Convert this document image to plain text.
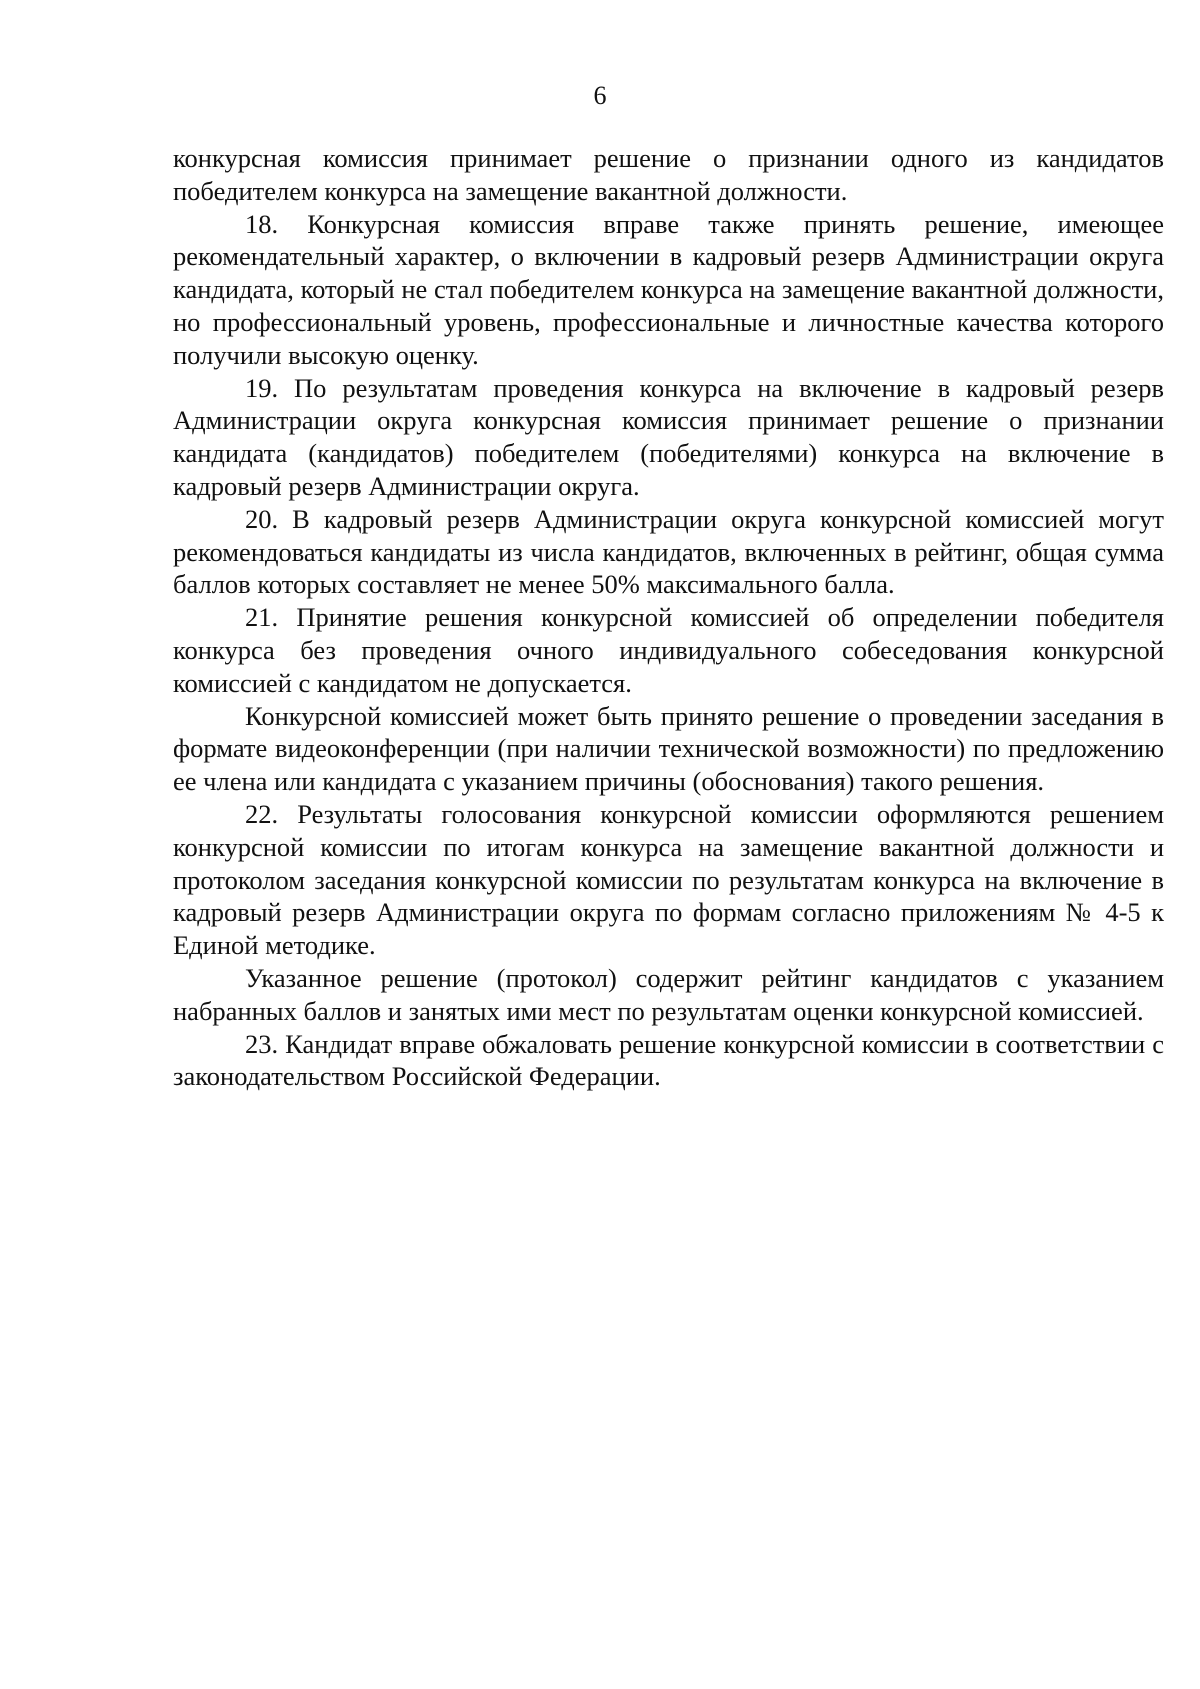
6

конкурсная комиссия принимает решение о признании одного из кандидатов победителем конкурса на замещение вакантной должности.

18. Конкурсная комиссия вправе также принять решение, имеющее рекомендательный характер, о включении в кадровый резерв Администрации округа кандидата, который не стал победителем конкурса на замещение вакантной должности, но профессиональный уровень, профессиональные и личностные качества которого получили высокую оценку.

19. По результатам проведения конкурса на включение в кадровый резерв Администрации округа конкурсная комиссия принимает решение о признании кандидата (кандидатов) победителем (победителями) конкурса на включение в кадровый резерв Администрации округа.

20. В кадровый резерв Администрации округа конкурсной комиссией могут рекомендоваться кандидаты из числа кандидатов, включенных в рейтинг, общая сумма баллов которых составляет не менее 50% максимального балла.

21. Принятие решения конкурсной комиссией об определении победителя конкурса без проведения очного индивидуального собеседования конкурсной комиссией с кандидатом не допускается.

Конкурсной комиссией может быть принято решение о проведении заседания в формате видеоконференции (при наличии технической возможности) по предложению ее члена или кандидата с указанием причины (обоснования) такого решения.

22. Результаты голосования конкурсной комиссии оформляются решением конкурсной комиссии по итогам конкурса на замещение вакантной должности и протоколом заседания конкурсной комиссии по результатам конкурса на включение в кадровый резерв Администрации округа по формам согласно приложениям № 4-5 к Единой методике.

Указанное решение (протокол) содержит рейтинг кандидатов с указанием набранных баллов и занятых ими мест по результатам оценки конкурсной комиссией.

23. Кандидат вправе обжаловать решение конкурсной комиссии в соответствии с законодательством Российской Федерации.
